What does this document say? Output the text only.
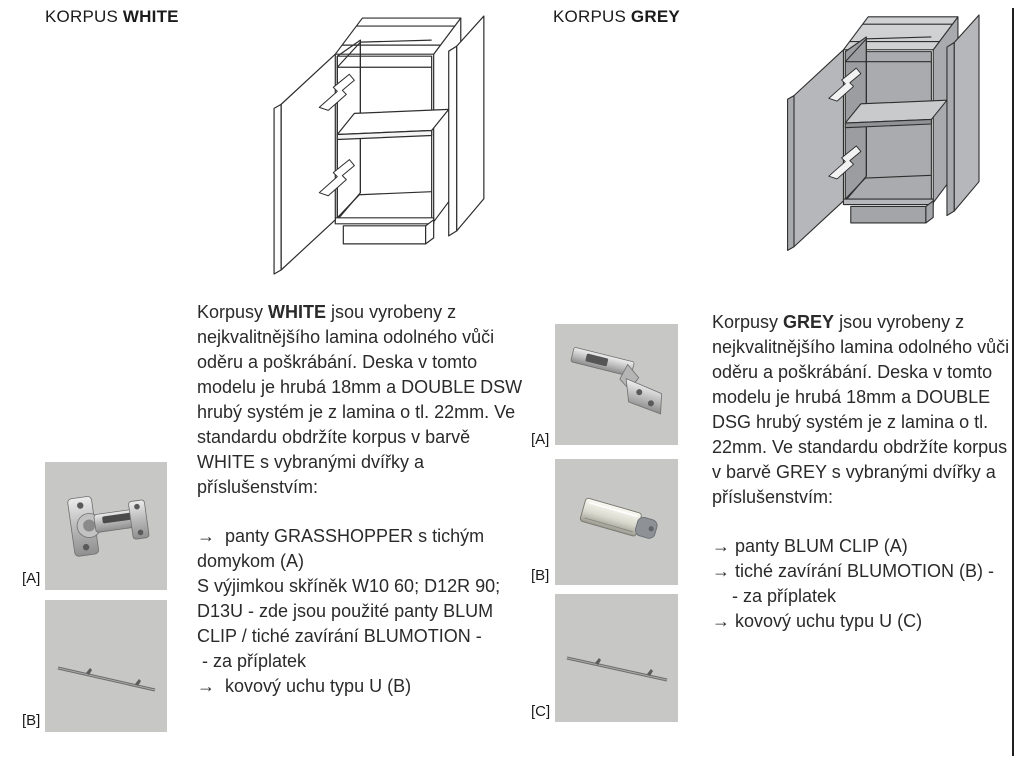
KORPUS WHITE

Korpusy WHITE jsou vyrobeny z nejkvalitnějšího lamina odolného vůči oděru a poškrábání. Deska v tomto modelu je hrubá 18mm a DOUBLE DSW hrubý systém je z lamina o tl. 22mm. Ve standardu obdržíte korpus v barvě WHITE s vybranými dvířky a příslušenstvím:

→  panty GRASSHOPPER s tichým
domykom (A)
S výjimkou skříněk W10 60; D12R 90;
D13U - zde jsou použité panty BLUM
CLIP / tiché zavírání BLUMOTION -
- za příplatek
→  kovový uchu typu U (B)
[A]
[B]
KORPUS GREY

Korpusy GREY jsou vyrobeny z nejkvalitnějšího lamina odolného vůči oděru a poškrábání. Deska v tomto modelu je hrubá 18mm a DOUBLE DSG hrubý systém je z lamina o tl. 22mm. Ve standardu obdržíte korpus v barvě GREY s vybranými dvířky a příslušenstvím:

→ panty BLUM CLIP (A)
→ tiché zavírání BLUMOTION (B) -
- za příplatek
→ kovový uchu typu U (C)
[A]
[B]
[C]
